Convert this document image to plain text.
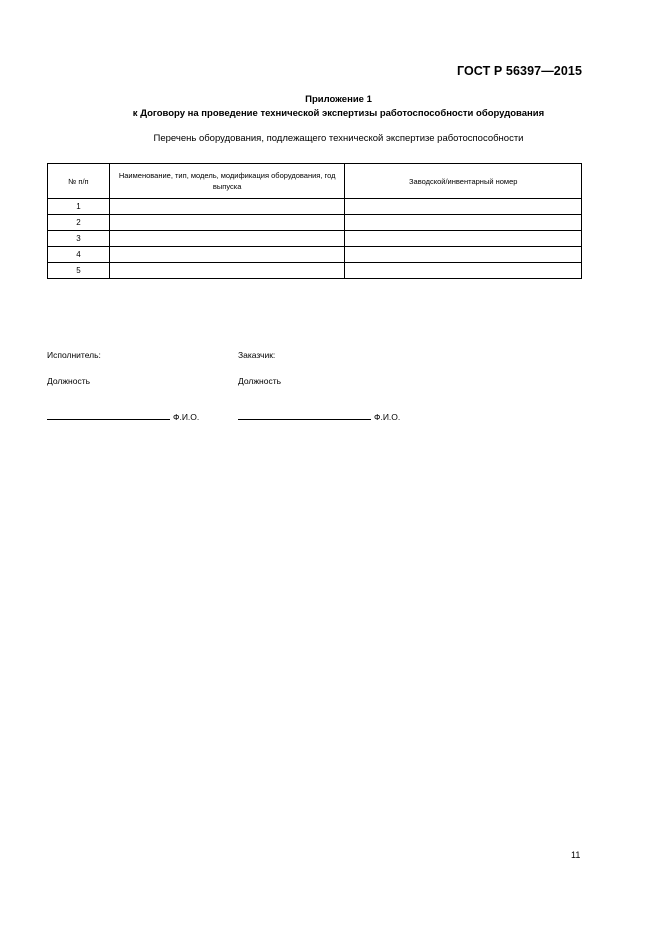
ГОСТ Р 56397—2015
Приложение 1
к Договору на проведение технической экспертизы работоспособности оборудования
Перечень оборудования, подлежащего технической экспертизе работоспособности
№ п/п	Наименование, тип, модель, модификация оборудования, год выпуска	Заводской/инвентарный номер
1		
2		
3		
4		
5		
Исполнитель:	Заказчик:
Должность	Должность
Ф.И.О.	Ф.И.О.
11
